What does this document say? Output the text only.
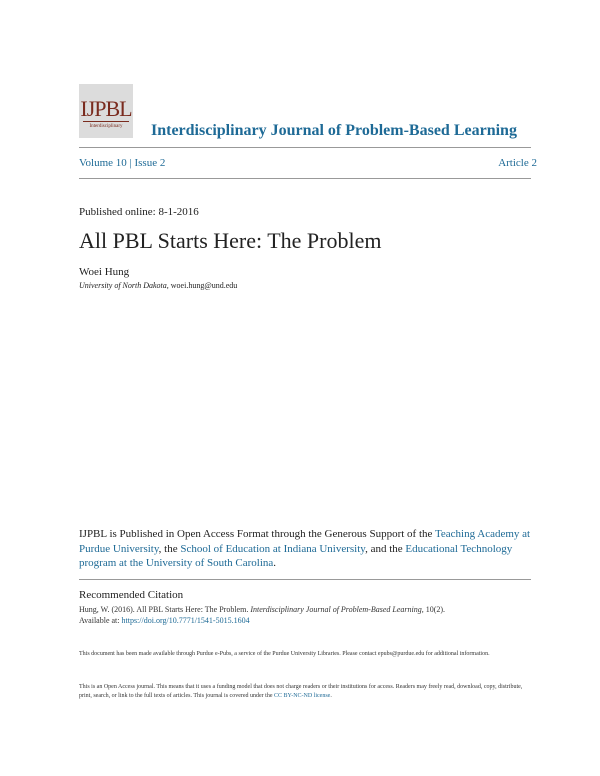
IJPBL
Interdisciplinary	Interdisciplinary Journal of Problem-Based Learning
Volume 10 | Issue 2	Article 2
Published online: 8-1-2016
All PBL Starts Here: The Problem
Woei Hung
University of North Dakota, woei.hung@und.edu
IJPBL is Published in Open Access Format through the Generous Support of the Teaching Academy at Purdue University, the School of Education at Indiana University, and the Educational Technology program at the University of South Carolina.
Recommended Citation
Hung, W. (2016). All PBL Starts Here: The Problem. Interdisciplinary Journal of Problem-Based Learning, 10(2).
Available at: https://doi.org/10.7771/1541-5015.1604
This document has been made available through Purdue e-Pubs, a service of the Purdue University Libraries. Please contact epubs@purdue.edu for additional information.
This is an Open Access journal. This means that it uses a funding model that does not charge readers or their institutions for access. Readers may freely read, download, copy, distribute, print, search, or link to the full texts of articles. This journal is covered under the CC BY-NC-ND license.
